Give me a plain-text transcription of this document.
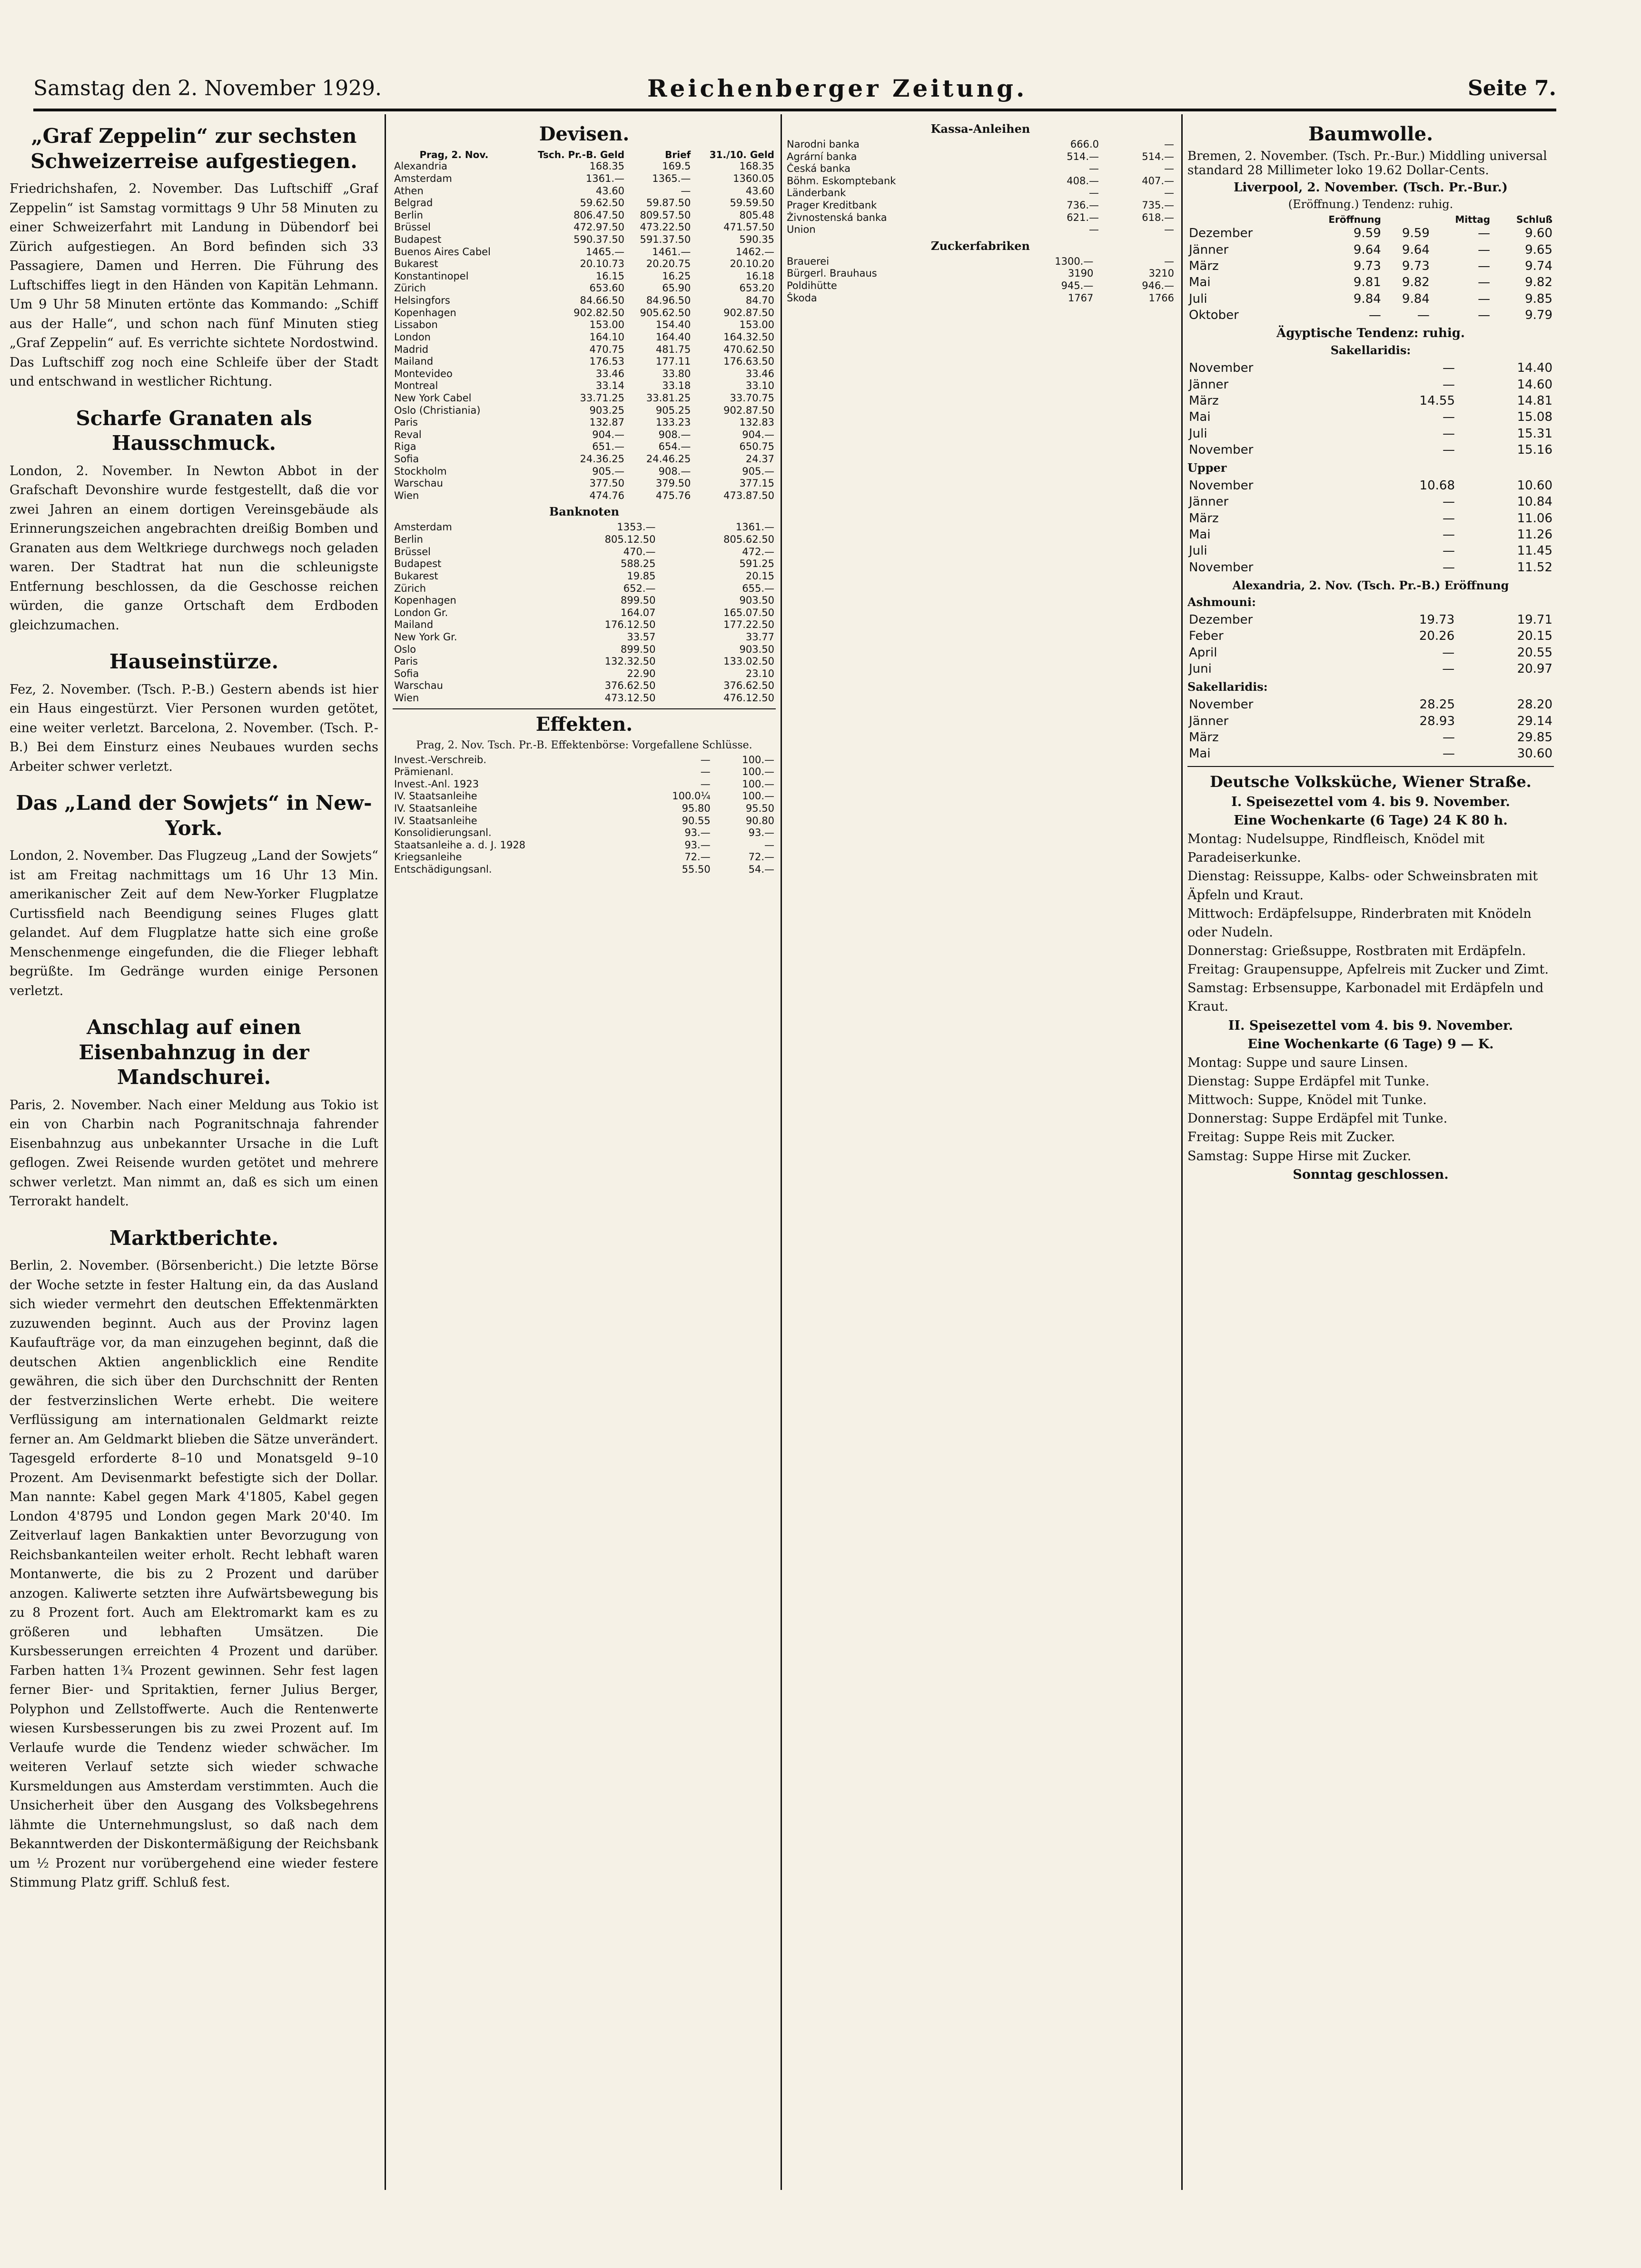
Samstag den 2. November 1929.	Reichenberger Zeitung.	Seite 7.
„Graf Zeppelin“ zur sechsten Schweizerreise aufgestiegen.

Friedrichshafen, 2. November. Das Luftschiff „Graf Zeppelin“ ist Samstag vormittags 9 Uhr 58 Minuten zu einer Schweizerfahrt mit Landung in Dübendorf bei Zürich aufgestiegen. An Bord befinden sich 33 Passagiere, Damen und Herren. Die Führung des Luftschiffes liegt in den Händen von Kapitän Lehmann. Um 9 Uhr 58 Minuten ertönte das Kommando: „Schiff aus der Halle“, und schon nach fünf Minuten stieg „Graf Zeppelin“ auf. Es verrichte sichtete Nordostwind. Das Luftschiff zog noch eine Schleife über der Stadt und entschwand in westlicher Richtung.

Scharfe Granaten als Hausschmuck.

London, 2. November. In Newton Abbot in der Grafschaft Devonshire wurde festgestellt, daß die vor zwei Jahren an einem dortigen Vereinsgebäude als Erinnerungszeichen angebrachten dreißig Bomben und Granaten aus dem Weltkriege durchwegs noch geladen waren. Der Stadtrat hat nun die schleunigste Entfernung beschlossen, da die Geschosse reichen würden, die ganze Ortschaft dem Erdboden gleichzumachen.

Hauseinstürze.

Fez, 2. November. (Tsch. P.-B.) Gestern abends ist hier ein Haus eingestürzt. Vier Personen wurden getötet, eine weiter verletzt. Barcelona, 2. November. (Tsch. P.-B.) Bei dem Einsturz eines Neubaues wurden sechs Arbeiter schwer verletzt.

Das „Land der Sowjets“ in New-York.

London, 2. November. Das Flugzeug „Land der Sowjets“ ist am Freitag nachmittags um 16 Uhr 13 Min. amerikanischer Zeit auf dem New-Yorker Flugplatze Curtissfield nach Beendigung seines Fluges glatt gelandet. Auf dem Flugplatze hatte sich eine große Menschenmenge eingefunden, die die Flieger lebhaft begrüßte. Im Gedränge wurden einige Personen verletzt.

Anschlag auf einen Eisenbahnzug in der Mandschurei.

Paris, 2. November. Nach einer Meldung aus Tokio ist ein von Charbin nach Pogranitschnaja fahrender Eisenbahnzug aus unbekannter Ursache in die Luft geflogen. Zwei Reisende wurden getötet und mehrere schwer verletzt. Man nimmt an, daß es sich um einen Terrorakt handelt.

Marktberichte.

Berlin, 2. November. (Börsenbericht.) Die letzte Börse der Woche setzte in fester Haltung ein, da das Ausland sich wieder vermehrt den deutschen Effektenmärkten zuzuwenden beginnt. Auch aus der Provinz lagen Kaufaufträge vor, da man einzugehen beginnt, daß die deutschen Aktien angenblicklich eine Rendite gewähren, die sich über den Durchschnitt der Renten der festverzinslichen Werte erhebt. Die weitere Verflüssigung am internationalen Geldmarkt reizte ferner an. Am Geldmarkt blieben die Sätze unverändert. Tagesgeld erforderte 8–10 und Monatsgeld 9–10 Prozent. Am Devisenmarkt befestigte sich der Dollar. Man nannte: Kabel gegen Mark 4'1805, Kabel gegen London 4'8795 und London gegen Mark 20'40. Im Zeitverlauf lagen Bankaktien unter Bevorzugung von Reichsbankanteilen weiter erholt. Recht lebhaft waren Montanwerte, die bis zu 2 Prozent und darüber anzogen. Kaliwerte setzten ihre Aufwärtsbewegung bis zu 8 Prozent fort. Auch am Elektromarkt kam es zu größeren und lebhaften Umsätzen. Die Kursbesserungen erreichten 4 Prozent und darüber. Farben hatten 1¾ Prozent gewinnen. Sehr fest lagen ferner Bier- und Spritaktien, ferner Julius Berger, Polyphon und Zellstoffwerte. Auch die Rentenwerte wiesen Kursbesserungen bis zu zwei Prozent auf. Im Verlaufe wurde die Tendenz wieder schwächer. Im weiteren Verlauf setzte sich wieder schwache Kursmeldungen aus Amsterdam verstimmten. Auch die Unsicherheit über den Ausgang des Volksbegehrens lähmte die Unternehmungslust, so daß nach dem Bekanntwerden der Diskontermäßigung der Reichsbank um ½ Prozent nur vorübergehend eine wieder festere Stimmung Platz griff. Schluß fest.

Devisen.
Prag, 2. Nov.	Tsch. Pr.-B. Geld	Brief	31./10. Geld
Alexandria	168.35	169.5	168.35
Amsterdam	1361.—	1365.—	1360.05
Athen	43.60	—	43.60
Belgrad	59.62.50	59.87.50	59.59.50
Berlin	806.47.50	809.57.50	805.48
Brüssel	472.97.50	473.22.50	471.57.50
Budapest	590.37.50	591.37.50	590.35
Buenos Aires Cabel	1465.—	1461.—	1462.—
Bukarest	20.10.73	20.20.75	20.10.20
Konstantinopel	16.15	16.25	16.18
Zürich	653.60	65.90	653.20
Helsingfors	84.66.50	84.96.50	84.70
Kopenhagen	902.82.50	905.62.50	902.87.50
Lissabon	153.00	154.40	153.00
London	164.10	164.40	164.32.50
Madrid	470.75	481.75	470.62.50
Mailand	176.53	177.11	176.63.50
Montevideo	33.46	33.80	33.46
Montreal	33.14	33.18	33.10
New York Cabel	33.71.25	33.81.25	33.70.75
Oslo (Christiania)	903.25	905.25	902.87.50
Paris	132.87	133.23	132.83
Reval	904.—	908.—	904.—
Riga	651.—	654.—	650.75
Sofia	24.36.25	24.46.25	24.37
Stockholm	905.—	908.—	905.—
Warschau	377.50	379.50	377.15
Wien	474.76	475.76	473.87.50
Banknoten
Amsterdam	1353.—	1361.—
Berlin	805.12.50	805.62.50
Brüssel	470.—	472.—
Budapest	588.25	591.25
Bukarest	19.85	20.15
Zürich	652.—	655.—
Kopenhagen	899.50	903.50
London Gr.	164.07	165.07.50
Mailand	176.12.50	177.22.50
New York Gr.	33.57	33.77
Oslo	899.50	903.50
Paris	132.32.50	133.02.50
Sofia	22.90	23.10
Warschau	376.62.50	376.62.50
Wien	473.12.50	476.12.50
Effekten.
Prag, 2. Nov. Tsch. Pr.-B. Effektenbörse: Vorgefallene Schlüsse.
Invest.-Verschreib.	—	100.—
Prämienanl.	—	100.—
Invest.-Anl. 1923	—	100.—
IV. Staatsanleihe	100.0¼	100.—
IV. Staatsanleihe	95.80	95.50
IV. Staatsanleihe	90.55	90.80
Konsolidierungsanl.	93.—	93.—
Staatsanleihe a. d. J. 1928	93.—	—
Kriegsanleihe	72.—	72.—
Entschädigungsanl.	55.50	54.—
Kassa-Anleihen
Narodni banka	666.0	—
Agrární banka	514.—	514.—
Česká banka	—	—
Böhm. Eskomptebank	408.—	407.—
Länderbank	—	—
Prager Kreditbank	736.—	735.—
Živnostenská banka	621.—	618.—
Union	—	—
Zuckerfabriken
Brauerei	1300.—	—
Bürgerl. Brauhaus	3190	3210
Poldihütte	945.—	946.—
Škoda	1767	1766
Baumwolle.

Bremen, 2. November. (Tsch. Pr.-Bur.) Middling universal standard 28 Millimeter loko 19.62 Dollar-Cents.

Liverpool, 2. November. (Tsch. Pr.-Bur.)
(Eröffnung.) Tendenz: ruhig.
	Eröffnung		Mittag	Schluß
Dezember	9.59	9.59	—	9.60
Jänner	9.64	9.64	—	9.65
März	9.73	9.73	—	9.74
Mai	9.81	9.82	—	9.82
Juli	9.84	9.84	—	9.85
Oktober	—	—	—	9.79
Ägyptische Tendenz: ruhig.
Sakellaridis:
November	—	14.40
Jänner	—	14.60
März	14.55	14.81
Mai	—	15.08
Juli	—	15.31
November	—	15.16
Upper
November	10.68	10.60
Jänner	—	10.84
März	—	11.06
Mai	—	11.26
Juli	—	11.45
November	—	11.52
Alexandria, 2. Nov. (Tsch. Pr.-B.) Eröffnung
Ashmouni:
Dezember	19.73	19.71
Feber	20.26	20.15
April	—	20.55
Juni	—	20.97
Sakellaridis:
November	28.25	28.20
Jänner	28.93	29.14
März	—	29.85
Mai	—	30.60

Deutsche Volksküche, Wiener Straße.

I. Speisezettel vom 4. bis 9. November.

Eine Wochenkarte (6 Tage) 24 K 80 h.

Montag: Nudelsuppe, Rindfleisch, Knödel mit Paradeiserkunke.

Dienstag: Reissuppe, Kalbs- oder Schweinsbraten mit Äpfeln und Kraut.

Mittwoch: Erdäpfelsuppe, Rinderbraten mit Knödeln oder Nudeln.

Donnerstag: Grießsuppe, Rostbraten mit Erdäpfeln.

Freitag: Graupensuppe, Apfelreis mit Zucker und Zimt.

Samstag: Erbsensuppe, Karbonadel mit Erdäpfeln und Kraut.

II. Speisezettel vom 4. bis 9. November.

Eine Wochenkarte (6 Tage) 9 — K.

Montag: Suppe und saure Linsen.

Dienstag: Suppe Erdäpfel mit Tunke.

Mittwoch: Suppe, Knödel mit Tunke.

Donnerstag: Suppe Erdäpfel mit Tunke.

Freitag: Suppe Reis mit Zucker.

Samstag: Suppe Hirse mit Zucker.

Sonntag geschlossen.
